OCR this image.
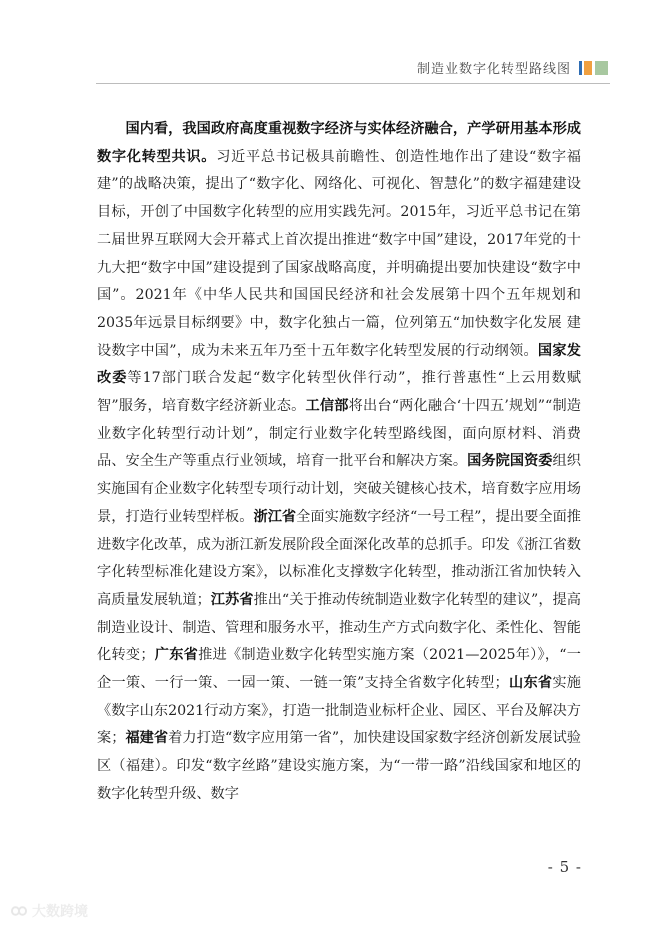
制造业数字化转型路线图

　　国内看，我国政府高度重视数字经济与实体经济融合，产学研用基本形成数字化转型共识。习近平总书记极具前瞻性、创造性地作出了建设“数字福建”的战略决策，提出了“数字化、网络化、可视化、智慧化”的数字福建建设目标，开创了中国数字化转型的应用实践先河。2015年，习近平总书记在第二届世界互联网大会开幕式上首次提出推进“数字中国”建设，2017年党的十九大把“数字中国”建设提到了国家战略高度，并明确提出要加快建设“数字中国”。2021年《中华人民共和国国民经济和社会发展第十四个五年规划和2035年远景目标纲要》中，数字化独占一篇，位列第五“加快数字化发展 建设数字中国”，成为未来五年乃至十五年数字化转型发展的行动纲领。国家发改委等17部门联合发起“数字化转型伙伴行动”，推行普惠性“上云用数赋智”服务，培育数字经济新业态。工信部将出台“两化融合‘十四五’规划”“制造业数字化转型行动计划”，制定行业数字化转型路线图，面向原材料、消费品、安全生产等重点行业领域，培育一批平台和解决方案。国务院国资委组织实施国有企业数字化转型专项行动计划，突破关键核心技术，培育数字应用场景，打造行业转型样板。浙江省全面实施数字经济“一号工程”，提出要全面推进数字化改革，成为浙江新发展阶段全面深化改革的总抓手。印发《浙江省数字化转型标准化建设方案》，以标准化支撑数字化转型，推动浙江省加快转入高质量发展轨道；江苏省推出“关于推动传统制造业数字化转型的建议”，提高制造业设计、制造、管理和服务水平，推动生产方式向数字化、柔性化、智能化转变；广东省推进《制造业数字化转型实施方案（2021—2025年）》，“一企一策、一行一策、一园一策、一链一策”支持全省数字化转型；山东省实施《数字山东2021行动方案》，打造一批制造业标杆企业、园区、平台及解决方案；福建省着力打造“数字应用第一省”，加快建设国家数字经济创新发展试验区（福建）。印发“数字丝路”建设实施方案，为“一带一路”沿线国家和地区的数字化转型升级、数字

- 5 -
大数跨境
